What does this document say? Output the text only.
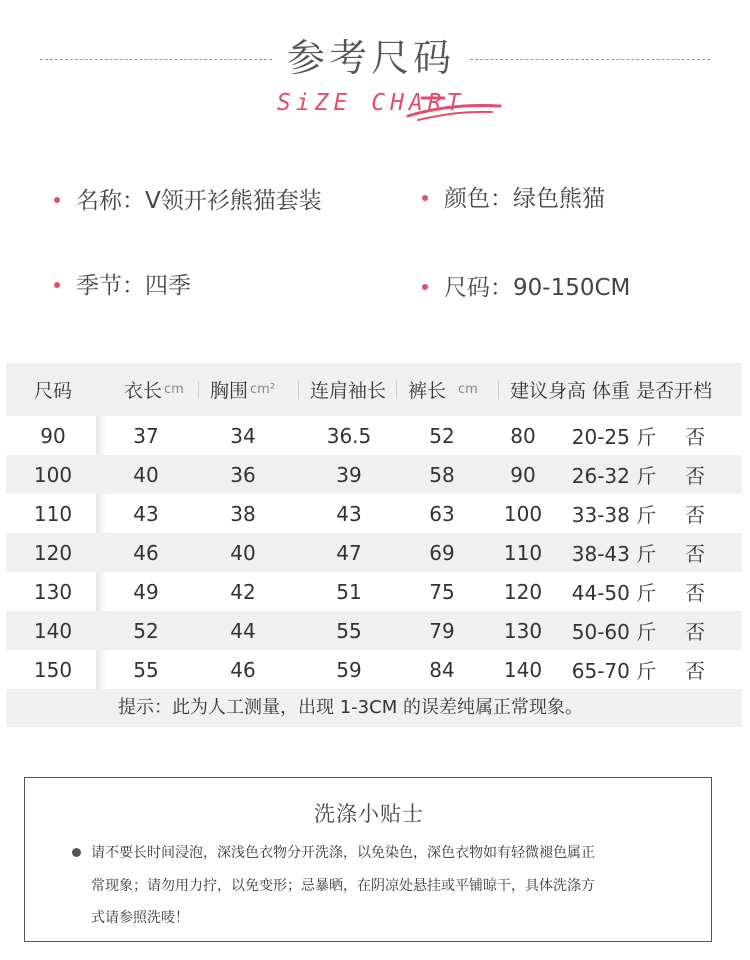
参考尺码
SiZE CHART
名称：V领开衫熊猫套装	颜色：绿色熊猫
季节：四季	尺码：90-150CM
尺码	衣长 cm 胸围 cm²	连肩袖长	裤长 cm	建议身高 体重 是否开档
90	37	34	36.5	52	80	20-25 斤	否
100	40	36	39	58	90	26-32 斤	否
110	43	38	43	63	100 33-38 斤	否
120	46	40	47	69	110 38-43 斤	否
130	49	42	51	75	120 44-50 斤	否
140	52	44	55	79	130 50-60 斤	否
150	55	46	59	84	140 65-70 斤	否
提示：此为人工测量，出现 1-3CM 的误差纯属正常现象。
洗涤小贴士
请不要长时间浸泡，深浅色衣物分开洗涤，以免染色，深色衣物如有轻微褪色属正
常现象；请勿用力拧，以免变形；忌暴晒，在阴凉处悬挂或平铺晾干，具体洗涤方
式请参照洗唛！
